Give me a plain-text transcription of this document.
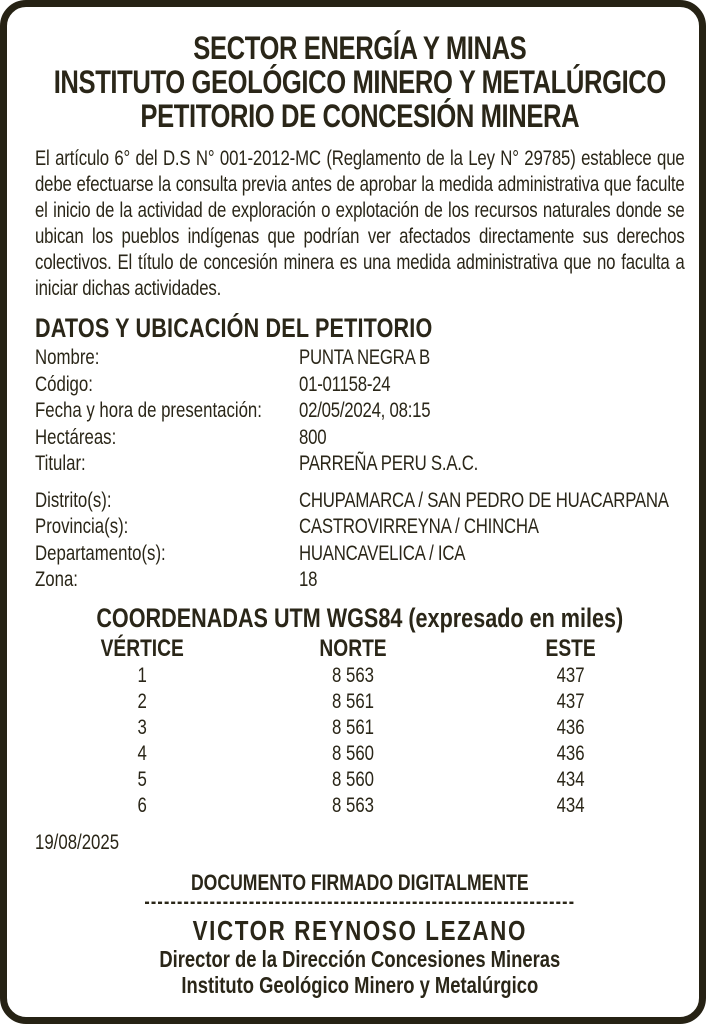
SECTOR ENERGÍA Y MINAS
INSTITUTO GEOLÓGICO MINERO Y METALÚRGICO
PETITORIO DE CONCESIÓN MINERA

El artículo 6° del D.S N° 001-2012-MC (Reglamento de la Ley N° 29785) establece que debe efectuarse la consulta previa antes de aprobar la medida administrativa que faculte el inicio de la actividad de exploración o explotación de los recursos naturales donde se ubican los pueblos indígenas que podrían ver afectados directamente sus derechos colectivos. El título de concesión minera es una medida administrativa que no faculta a iniciar dichas actividades.

DATOS Y UBICACIÓN DEL PETITORIO
Nombre:	PUNTA NEGRA B
Código:	01-01158-24
Fecha y hora de presentación:	02/05/2024, 08:15
Hectáreas:	800
Titular:	PARREÑA PERU S.A.C.
Distrito(s):	CHUPAMARCA / SAN PEDRO DE HUACARPANA
Provincia(s):	CASTROVIRREYNA / CHINCHA
Departamento(s):	HUANCAVELICA / ICA
Zona:	18
COORDENADAS UTM WGS84 (expresado en miles)
VÉRTICE	NORTE	ESTE
1	8 563	437
2	8 561	437
3	8 561	436
4	8 560	436
5	8 560	434
6	8 563	434
19/08/2025
DOCUMENTO FIRMADO DIGITALMENTE
------------------------------------------------------------------
VICTOR REYNOSO LEZANO
Director de la Dirección Concesiones Mineras
Instituto Geológico Minero y Metalúrgico
